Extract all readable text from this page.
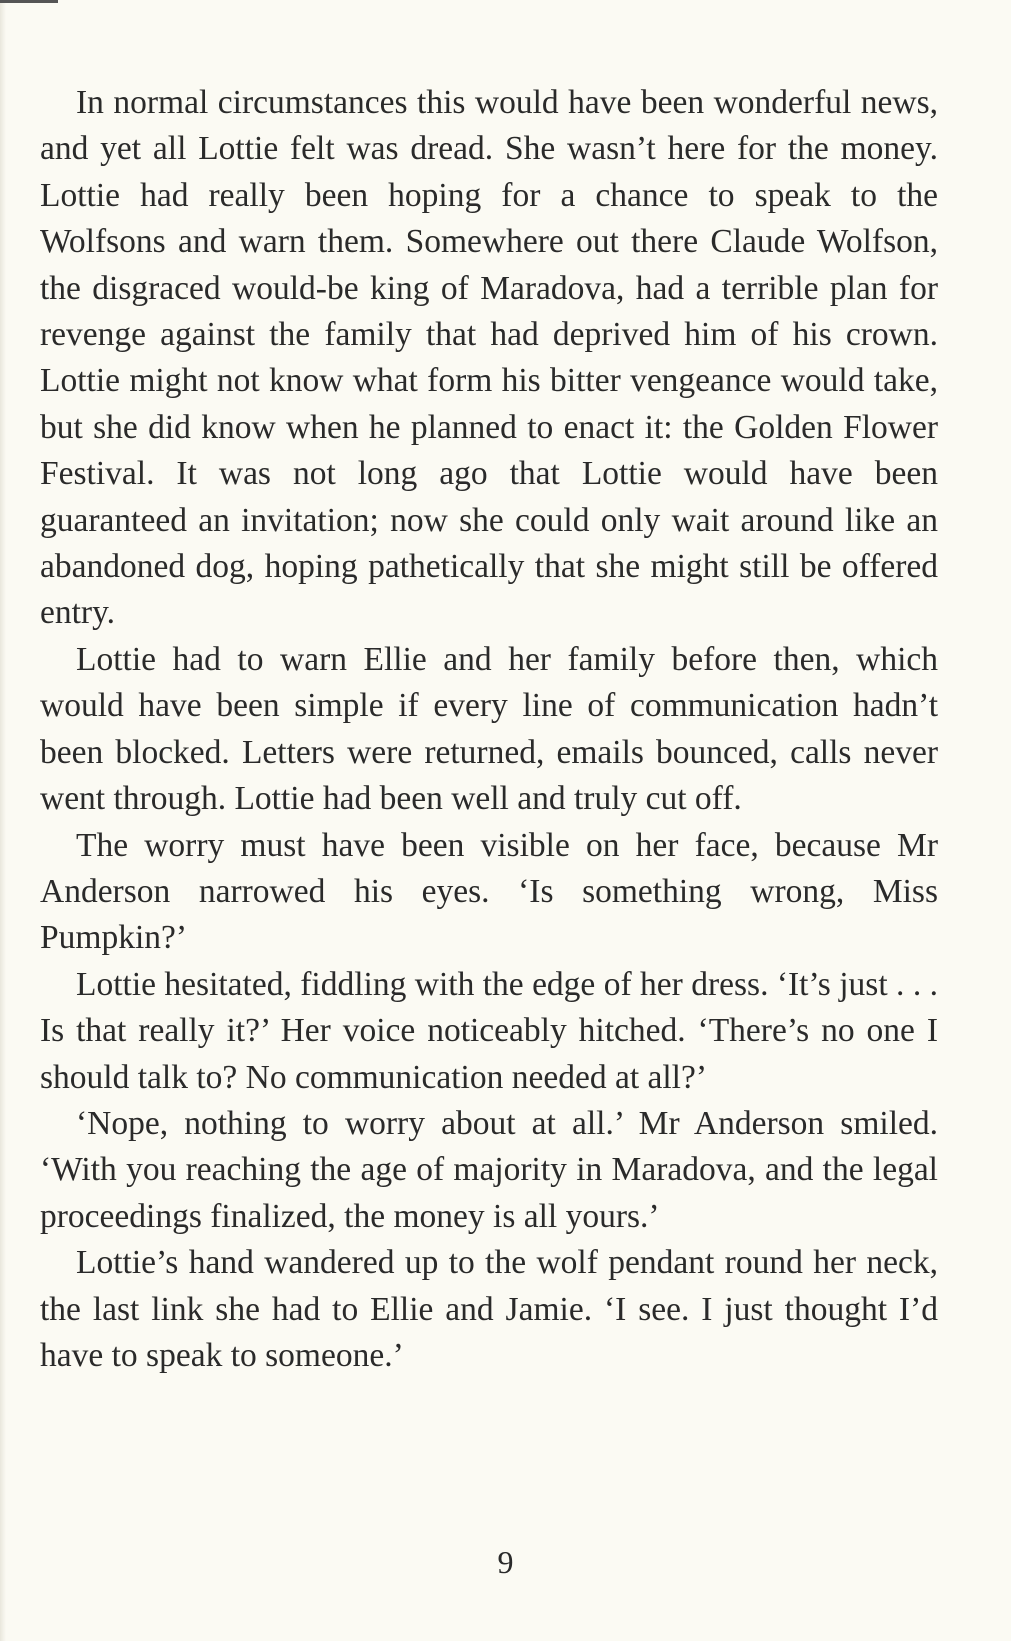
In normal circumstances this would have been wonderful news, and yet all Lottie felt was dread. She wasn’t here for the money. Lottie had really been hoping for a chance to speak to the Wolfsons and warn them. Somewhere out there Claude Wolfson, the disgraced would-be king of Maradova, had a terrible plan for revenge against the family that had deprived him of his crown. Lottie might not know what form his bitter vengeance would take, but she did know when he planned to enact it: the Golden Flower Festival. It was not long ago that Lottie would have been guaranteed an invitation; now she could only wait around like an abandoned dog, hoping pathetically that she might still be offered entry.

Lottie had to warn Ellie and her family before then, which would have been simple if every line of communication hadn’t been blocked. Letters were returned, emails bounced, calls never went through. Lottie had been well and truly cut off.

The worry must have been visible on her face, because Mr Anderson narrowed his eyes. ‘Is something wrong, Miss Pumpkin?’

Lottie hesitated, fiddling with the edge of her dress. ‘It’s just . . . Is that really it?’ Her voice noticeably hitched. ‘There’s no one I should talk to? No communication needed at all?’

‘Nope, nothing to worry about at all.’ Mr Anderson smiled. ‘With you reaching the age of majority in Maradova, and the legal proceedings finalized, the money is all yours.’

Lottie’s hand wandered up to the wolf pendant round her neck, the last link she had to Ellie and Jamie. ‘I see. I just thought I’d have to speak to someone.’

9
